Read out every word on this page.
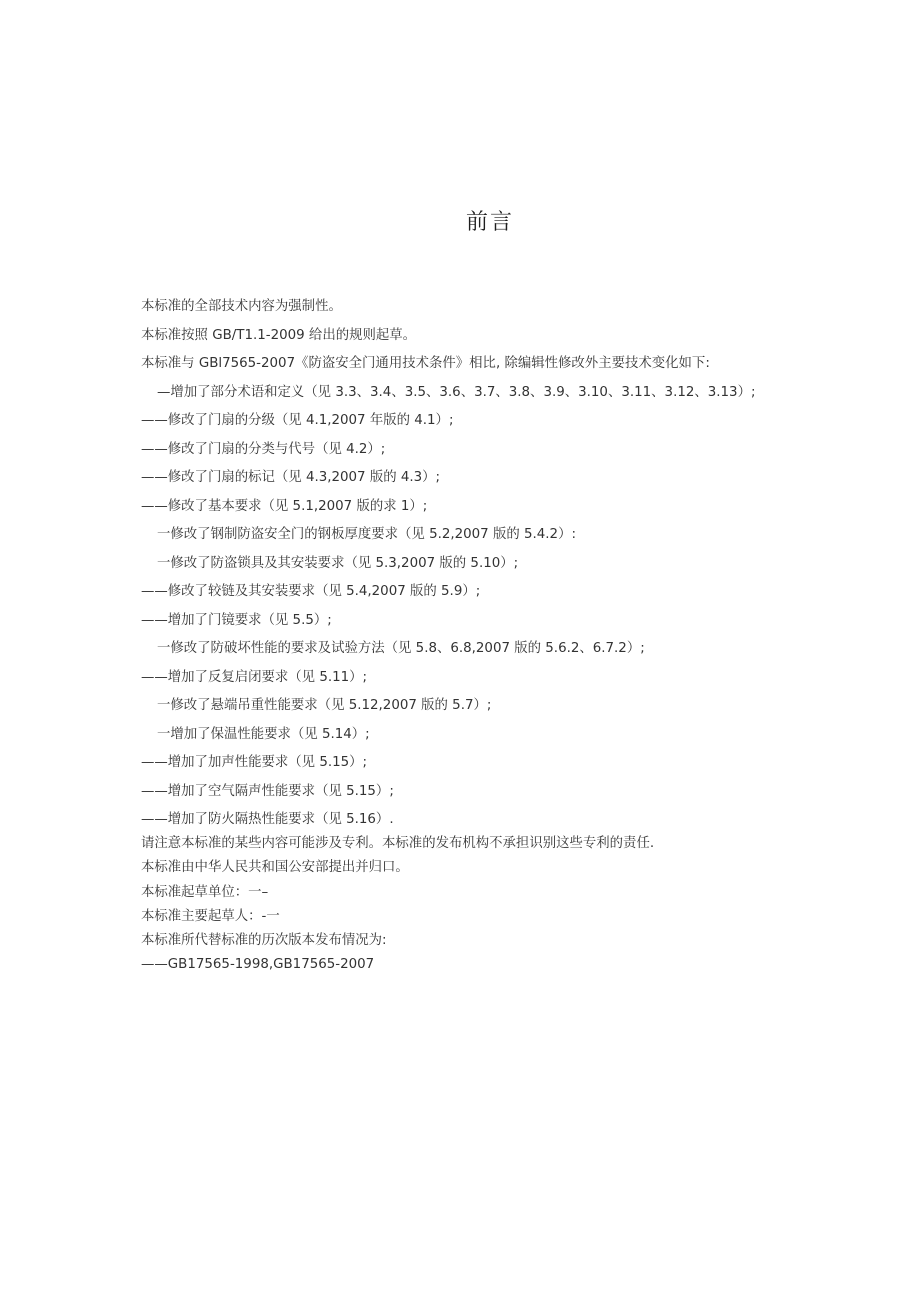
前言
本标准的全部技术内容为强制性。
本标准按照 GB/T1.1-2009 给出的规则起草。
本标准与 GBl7565-2007《防盗安全门通用技术条件》相比, 除编辑性修改外主要技术变化如下:
—增加了部分术语和定义（见 3.3、3.4、3.5、3.6、3.7、3.8、3.9、3.10、3.11、3.12、3.13）;
——修改了门扇的分级（见 4.1,2007 年版的 4.1）;
——修改了门扇的分类与代号（见 4.2）;
——修改了门扇的标记（见 4.3,2007 版的 4.3）;
——修改了基本要求（见 5.1,2007 版的求 1）;
一修改了钢制防盗安全门的钢板厚度要求（见 5.2,2007 版的 5.4.2）:
一修改了防盗锁具及其安装要求（见 5.3,2007 版的 5.10）;
——修改了较链及其安装要求（见 5.4,2007 版的 5.9）;
——增加了门镜要求（见 5.5）;
一修改了防破坏性能的要求及试验方法（见 5.8、6.8,2007 版的 5.6.2、6.7.2）;
——增加了反复启闭要求（见 5.11）;
一修改了悬端吊重性能要求（见 5.12,2007 版的 5.7）;
一增加了保温性能要求（见 5.14）;
——增加了加声性能要求（见 5.15）;
——增加了空气隔声性能要求（见 5.15）;
——增加了防火隔热性能要求（见 5.16）.
请注意本标准的某些内容可能涉及专利。本标准的发布机构不承担识别这些专利的责任.
本标准由中华人民共和国公安部提出并归口。
本标准起草单位：一–
本标准主要起草人：-一
本标准所代替标准的历次版本发布情况为:
——GB17565-1998,GB17565-2007
